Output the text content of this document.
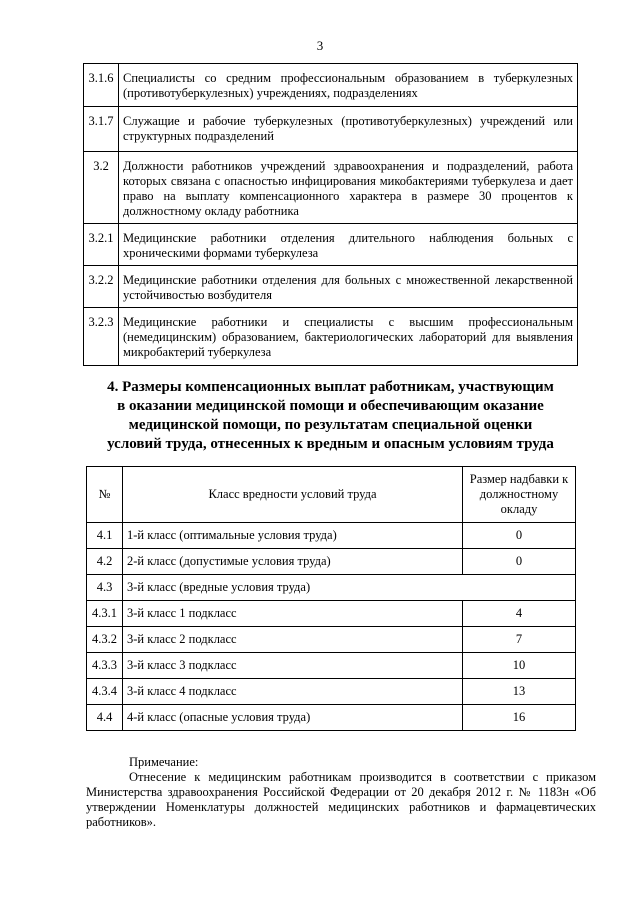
3
3.1.6	Специалисты со средним профессиональным образованием в туберкулезных (противотуберкулезных) учреждениях, подразделениях
3.1.7	Служащие и рабочие туберкулезных (противотуберкулезных) учреждений или структурных подразделений
3.2	Должности работников учреждений здравоохранения и подразделений, работа которых связана с опасностью инфицирования микобактериями туберкулеза и дает право на выплату компенсационного характера в размере 30 процентов к должностному окладу работника
3.2.1	Медицинские работники отделения длительного наблюдения больных с хроническими формами туберкулеза
3.2.2	Медицинские работники отделения для больных с множественной лекарственной устойчивостью возбудителя
3.2.3	Медицинские работники и специалисты с высшим профессиональным (немедицинским) образованием, бактериологических лабораторий для выявления микробактерий туберкулеза
4. Размеры компенсационных выплат работникам, участвующим
в оказании медицинской помощи и обеспечивающим оказание
медицинской помощи, по результатам специальной оценки
условий труда, отнесенных к вредным и опасным условиям труда
№	Класс вредности условий труда	Размер надбавки к должностному окладу
4.1	1-й класс (оптимальные условия труда)	0
4.2	2-й класс (допустимые условия труда)	0
4.3	3-й класс (вредные условия труда)	
4.3.1	3-й класс 1 подкласс	4
4.3.2	3-й класс 2 подкласс	7
4.3.3	3-й класс 3 подкласс	10
4.3.4	3-й класс 4 подкласс	13
4.4	4-й класс (опасные условия труда)	16
Примечание:
Отнесение к медицинским работникам производится в соответствии с приказом Министерства здравоохранения Российской Федерации от 20 декабря 2012 г. № 1183н «Об утверждении Номенклатуры должностей медицинских работников и фармацевтических работников».
